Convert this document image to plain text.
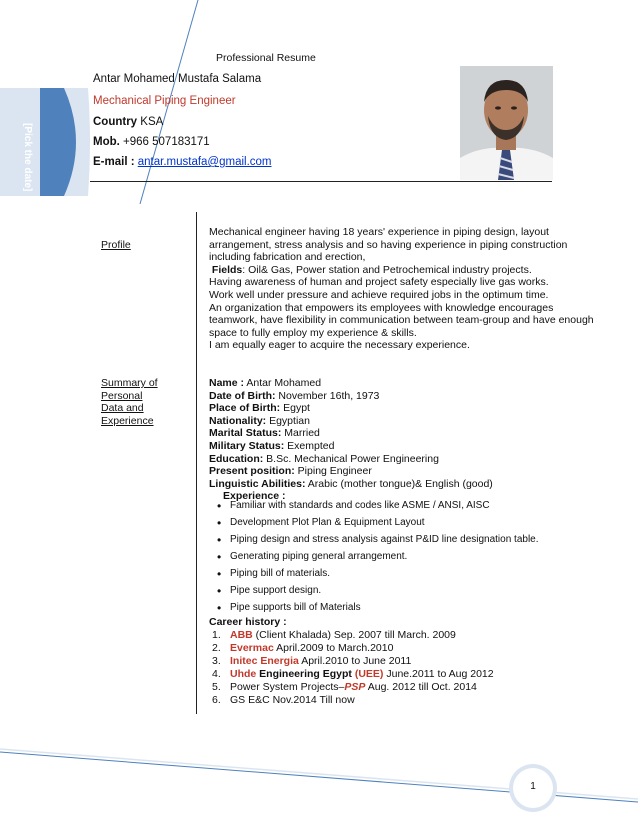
[Pick the date]
Professional Resume
Antar Mohamed Mustafa Salama
Mechanical Piping Engineer
Country KSA
Mob. +966 507183171
E-mail : antar.mustafa@gmail.com
Profile
Mechanical engineer having 18 years' experience in piping design, layout
arrangement, stress analysis and so having experience in piping construction
including fabrication and erection,
Fields: Oil& Gas, Power station and Petrochemical industry projects.
Having awareness of human and project safety especially live gas works.
Work well under pressure and achieve required jobs in the optimum time.
An organization that empowers its employees with knowledge encourages
teamwork, have flexibility in communication between team-group and have enough
space to fully employ my experience & skills.
I am equally eager to acquire the necessary experience.
Summary of
Personal
Data and
Experience
Name : Antar Mohamed
Date of Birth: November 16th, 1973
Place of Birth: Egypt
Nationality: Egyptian
Marital Status: Married
Military Status: Exempted
Education: B.Sc. Mechanical Power Engineering
Present position: Piping Engineer
Linguistic Abilities: Arabic (mother tongue)& English (good)
Experience :
• Familiar with standards and codes like ASME / ANSI, AISC
• Development Plot Plan & Equipment Layout
• Piping design and stress analysis against P&ID line designation table.
• Generating piping general arrangement.
• Piping bill of materials.
• Pipe support design.
• Pipe supports bill of Materials
Career history :
1. ABB (Client Khalada) Sep. 2007 till March. 2009
2. Evermac April.2009 to March.2010
3. Initec Energia April.2010 to June 2011
4. Uhde Engineering Egypt (UEE) June.2011 to Aug 2012
5. Power System Projects–PSP Aug. 2012 till Oct. 2014
6. GS E&C Nov.2014 Till now
1
